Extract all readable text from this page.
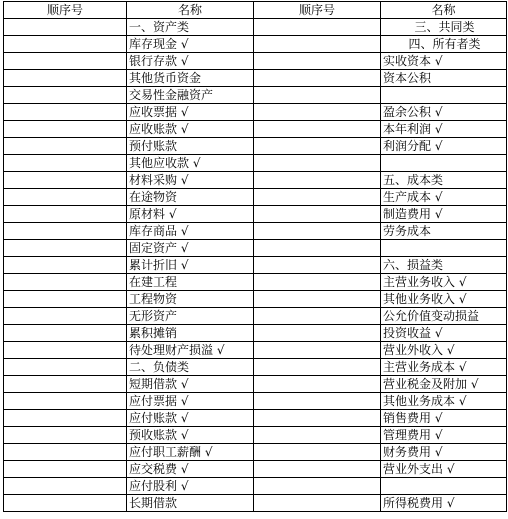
顺序号	名称	顺序号	名称
	一、资产类		三、共同类
	库存现金 √		四、所有者类
	银行存款 √		实收资本 √
	其他货币资金		资本公积
	交易性金融资产		
	应收票据 √		盈余公积 √
	应收账款 √		本年利润 √
	预付账款		利润分配 √
	其他应收款 √		
	材料采购 √		五、成本类
	在途物资		生产成本 √
	原材料 √		制造费用 √
	库存商品 √		劳务成本
	固定资产 √		
	累计折旧 √		六、损益类
	在建工程		主营业务收入 √
	工程物资		其他业务收入 √
	无形资产		公允价值变动损益
	累积摊销		投资收益 √
	待处理财产损溢 √		营业外收入 √
	二、负债类		主营业务成本 √
	短期借款 √		营业税金及附加 √
	应付票据 √		其他业务成本 √
	应付账款 √		销售费用 √
	预收账款 √		管理费用 √
	应付职工薪酬 √		财务费用 √
	应交税费 √		营业外支出 √
	应付股利 √		
	长期借款		所得税费用 √
